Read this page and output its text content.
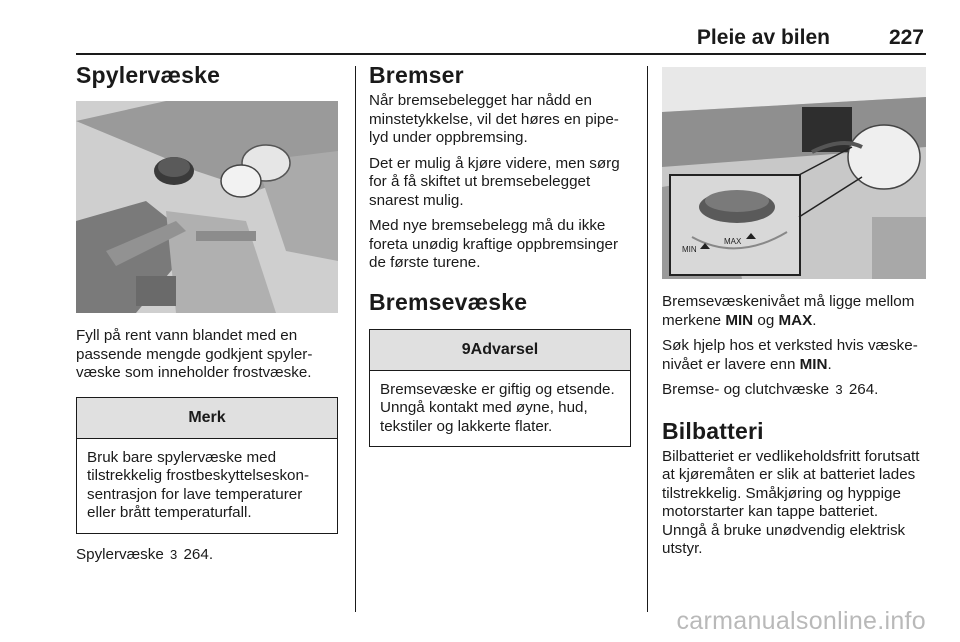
Pleie av bilen	227
Spylervæske

Fyll på rent vann blandet med en passende mengde godkjent spylervæske som inneholder frostvæske.

Merk
Bruk bare spylervæske med tilstrekkelig frostbeskyttelseskonsentrasjon for lave temperaturer eller brått temperaturfall.

Spylervæske 3 264.

Bremser

Når bremsebelegget har nådd en minstetykkelse, vil det høres en pipelyd under oppbremsing.

Det er mulig å kjøre videre, men sørg for å få skiftet ut bremsebelegget snarest mulig.

Med nye bremsebelegg må du ikke foreta unødig kraftige oppbremsinger de første turene.

Bremsevæske
9Advarsel
Bremsevæske er giftig og etsende. Unngå kontakt med øyne, hud, tekstiler og lakkerte flater.
MAX
MIN

Bremsevæskenivået må ligge mellom merkene MIN og MAX.

Søk hjelp hos et verksted hvis væskenivået er lavere enn MIN.

Bremse- og clutchvæske 3 264.

Bilbatteri

Bilbatteriet er vedlikeholdsfritt forutsatt at kjøremåten er slik at batteriet lades tilstrekkelig. Småkjøring og hyppige motorstarter kan tappe batteriet. Unngå å bruke unødvendig elektrisk utstyr.

carmanualsonline.info
